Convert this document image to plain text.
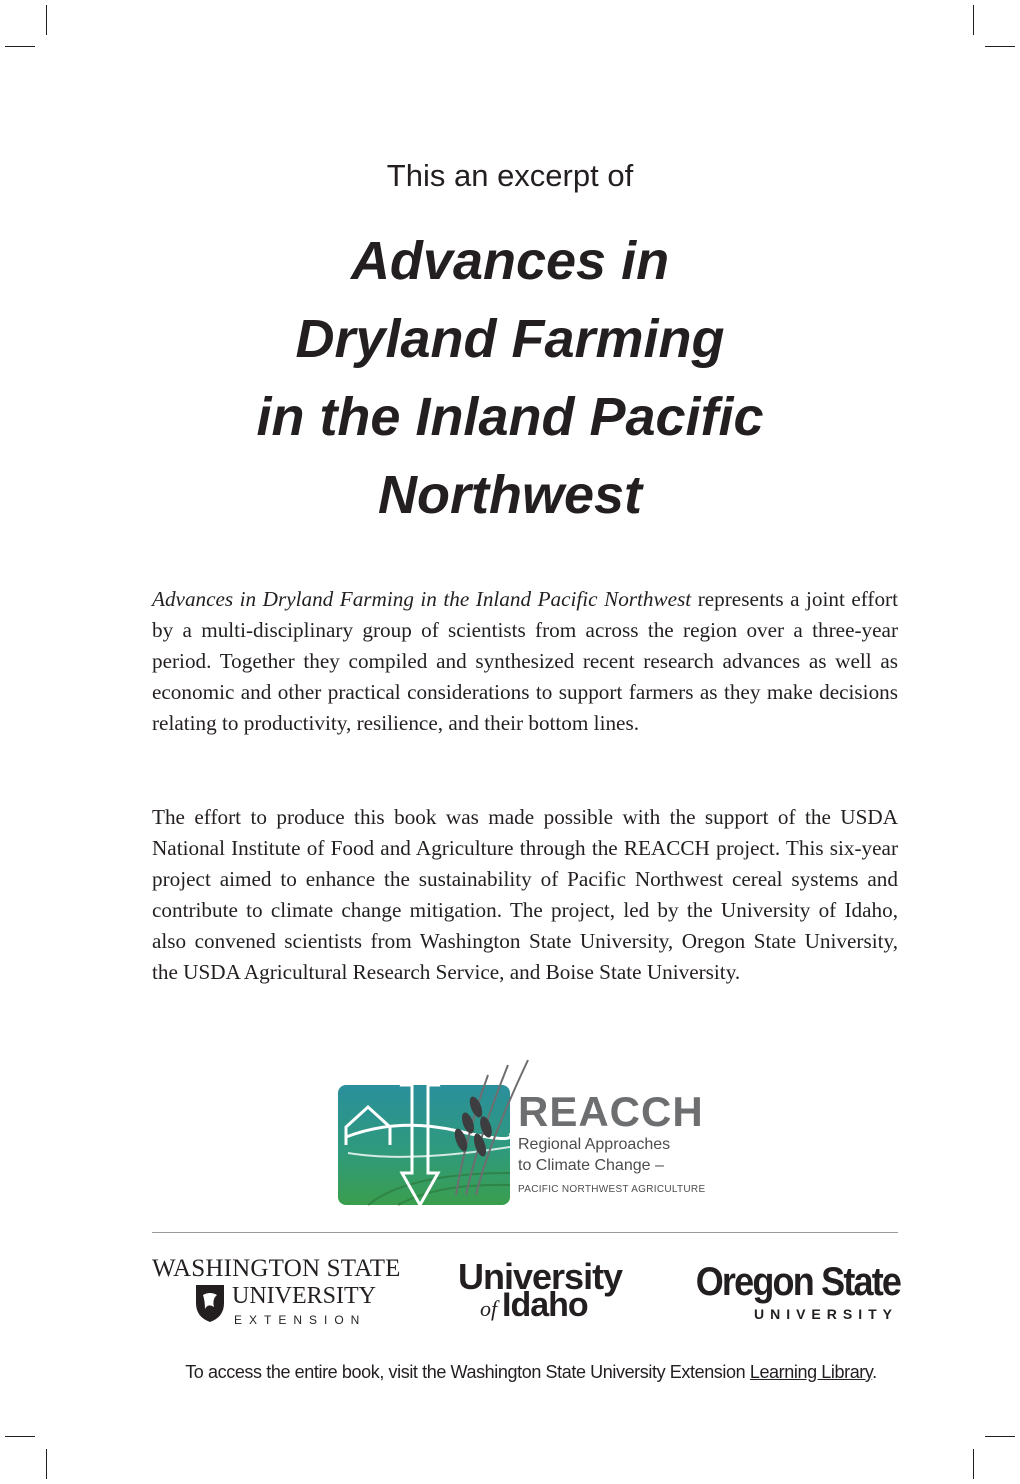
This an excerpt of
Advances in
Dryland Farming
in the Inland Pacific
Northwest

Advances in Dryland Farming in the Inland Pacific Northwest represents a joint effort by a multi-disciplinary group of scientists from across the region over a three-year period. Together they compiled and synthesized recent research advances as well as economic and other practical considerations to support farmers as they make decisions relating to productivity, resilience, and their bottom lines.

The effort to produce this book was made possible with the support of the USDA National Institute of Food and Agriculture through the REACCH project. This six-year project aimed to enhance the sustainability of Pacific Northwest cereal systems and contribute to climate change mitigation. The project, led by the University of Idaho, also convened scientists from Washington State University, Oregon State University, the USDA Agricultural Research Service, and Boise State University.

REACCH
Regional Approaches
to Climate Change –
PACIFIC NORTHWEST AGRICULTURE
WASHINGTON STATE
UNIVERSITY
EXTENSION
University
of Idaho
Oregon State
UNIVERSITY
To access the entire book, visit the Washington State University Extension Learning Library.
